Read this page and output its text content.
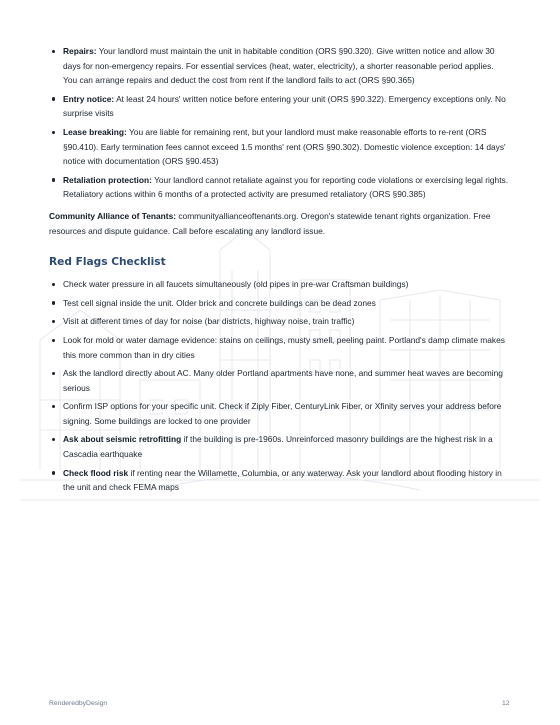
Repairs: Your landlord must maintain the unit in habitable condition (ORS §90.320). Give written notice and allow 30 days for non-emergency repairs. For essential services (heat, water, electricity), a shorter reasonable period applies. You can arrange repairs and deduct the cost from rent if the landlord fails to act (ORS §90.365)
Entry notice: At least 24 hours' written notice before entering your unit (ORS §90.322). Emergency exceptions only. No surprise visits
Lease breaking: You are liable for remaining rent, but your landlord must make reasonable efforts to re-rent (ORS §90.410). Early termination fees cannot exceed 1.5 months' rent (ORS §90.302). Domestic violence exception: 14 days' notice with documentation (ORS §90.453)
Retaliation protection: Your landlord cannot retaliate against you for reporting code violations or exercising legal rights. Retaliatory actions within 6 months of a protected activity are presumed retaliatory (ORS §90.385)

Community Alliance of Tenants: communityallianceoftenants.org. Oregon's statewide tenant rights organization. Free resources and dispute guidance. Call before escalating any landlord issue.

Red Flags Checklist
Check water pressure in all faucets simultaneously (old pipes in pre-war Craftsman buildings)
Test cell signal inside the unit. Older brick and concrete buildings can be dead zones
Visit at different times of day for noise (bar districts, highway noise, train traffic)
Look for mold or water damage evidence: stains on ceilings, musty smell, peeling paint. Portland's damp climate makes this more common than in dry cities
Ask the landlord directly about AC. Many older Portland apartments have none, and summer heat waves are becoming serious
Confirm ISP options for your specific unit. Check if Ziply Fiber, CenturyLink Fiber, or Xfinity serves your address before signing. Some buildings are locked to one provider
Ask about seismic retrofitting if the building is pre-1960s. Unreinforced masonry buildings are the highest risk in a Cascadia earthquake
Check flood risk if renting near the Willamette, Columbia, or any waterway. Ask your landlord about flooding history in the unit and check FEMA maps
RenderedbyDesign	12
